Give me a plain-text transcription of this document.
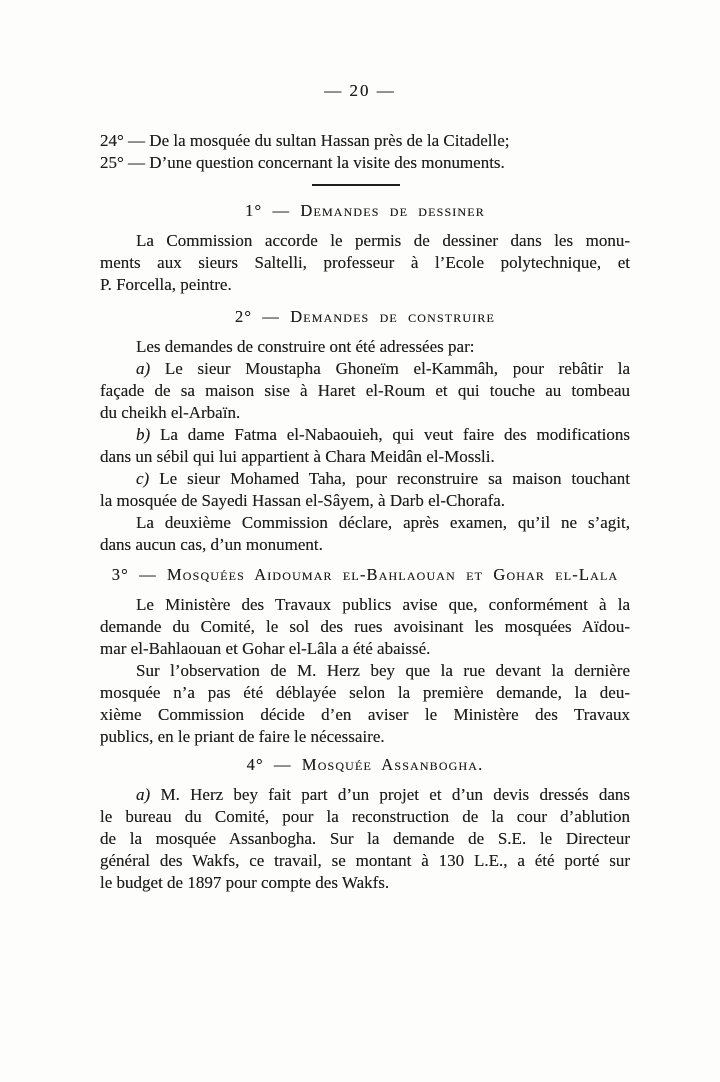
— 20 —
24° — De la mosquée du sultan Hassan près de la Citadelle;
25° — D’une question concernant la visite des monuments.
1° — Demandes de dessiner
La Commission accorde le permis de dessiner dans les monu-
ments aux sieurs Saltelli, professeur à l’Ecole polytechnique, et
P. Forcella, peintre.
2° — Demandes de construire
Les demandes de construire ont été adressées par:
a) Le sieur Moustapha Ghoneïm el-Kammâh, pour rebâtir la
façade de sa maison sise à Haret el-Roum et qui touche au tombeau
du cheikh el-Arbaïn.
b) La dame Fatma el-Nabaouieh, qui veut faire des modifications
dans un sébil qui lui appartient à Chara Meidân el-Mossli.
c) Le sieur Mohamed Taha, pour reconstruire sa maison touchant
la mosquée de Sayedi Hassan el-Sâyem, à Darb el-Chorafa.
La deuxième Commission déclare, après examen, qu’il ne s’agit,
dans aucun cas, d’un monument.
3° — Mosquées Aidoumar el-Bahlaouan et Gohar el-Lala
Le Ministère des Travaux publics avise que, conformément à la
demande du Comité, le sol des rues avoisinant les mosquées Aïdou-
mar el-Bahlaouan et Gohar el-Lâla a été abaissé.
Sur l’observation de M. Herz bey que la rue devant la dernière
mosquée n’a pas été déblayée selon la première demande, la deu-
xième Commission décide d’en aviser le Ministère des Travaux
publics, en le priant de faire le nécessaire.
4° — Mosquée Assanbogha.
a) M. Herz bey fait part d’un projet et d’un devis dressés dans
le bureau du Comité, pour la reconstruction de la cour d’ablution
de la mosquée Assanbogha. Sur la demande de S.E. le Directeur
général des Wakfs, ce travail, se montant à 130 L.E., a été porté sur
le budget de 1897 pour compte des Wakfs.
